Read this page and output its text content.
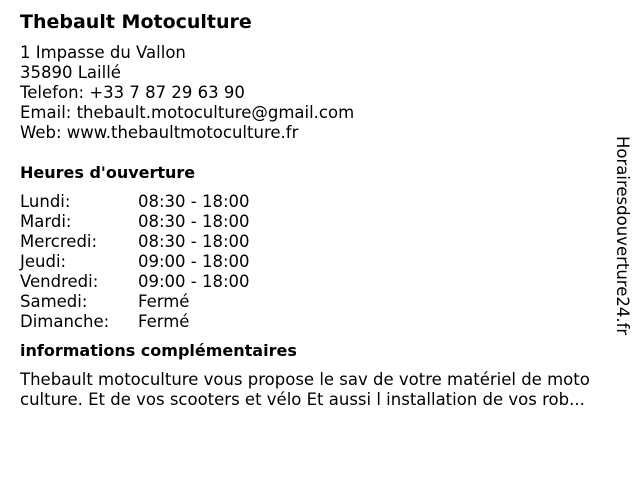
Thebault Motoculture
1 Impasse du Vallon
35890 Laillé
Telefon: +33 7 87 29 63 90
Email: thebault.motoculture@gmail.com
Web: www.thebaultmotoculture.fr
Heures d'ouverture
Lundi:	08:30 - 18:00
Mardi:	08:30 - 18:00
Mercredi:	08:30 - 18:00
Jeudi:	09:00 - 18:00
Vendredi:	09:00 - 18:00
Samedi:	Fermé
Dimanche:	Fermé
informations complémentaires
Thebault motoculture vous propose le sav de votre matériel de moto culture. Et de vos scooters et vélo Et aussi l installation de vos rob...
Horairesdouverture24.fr
